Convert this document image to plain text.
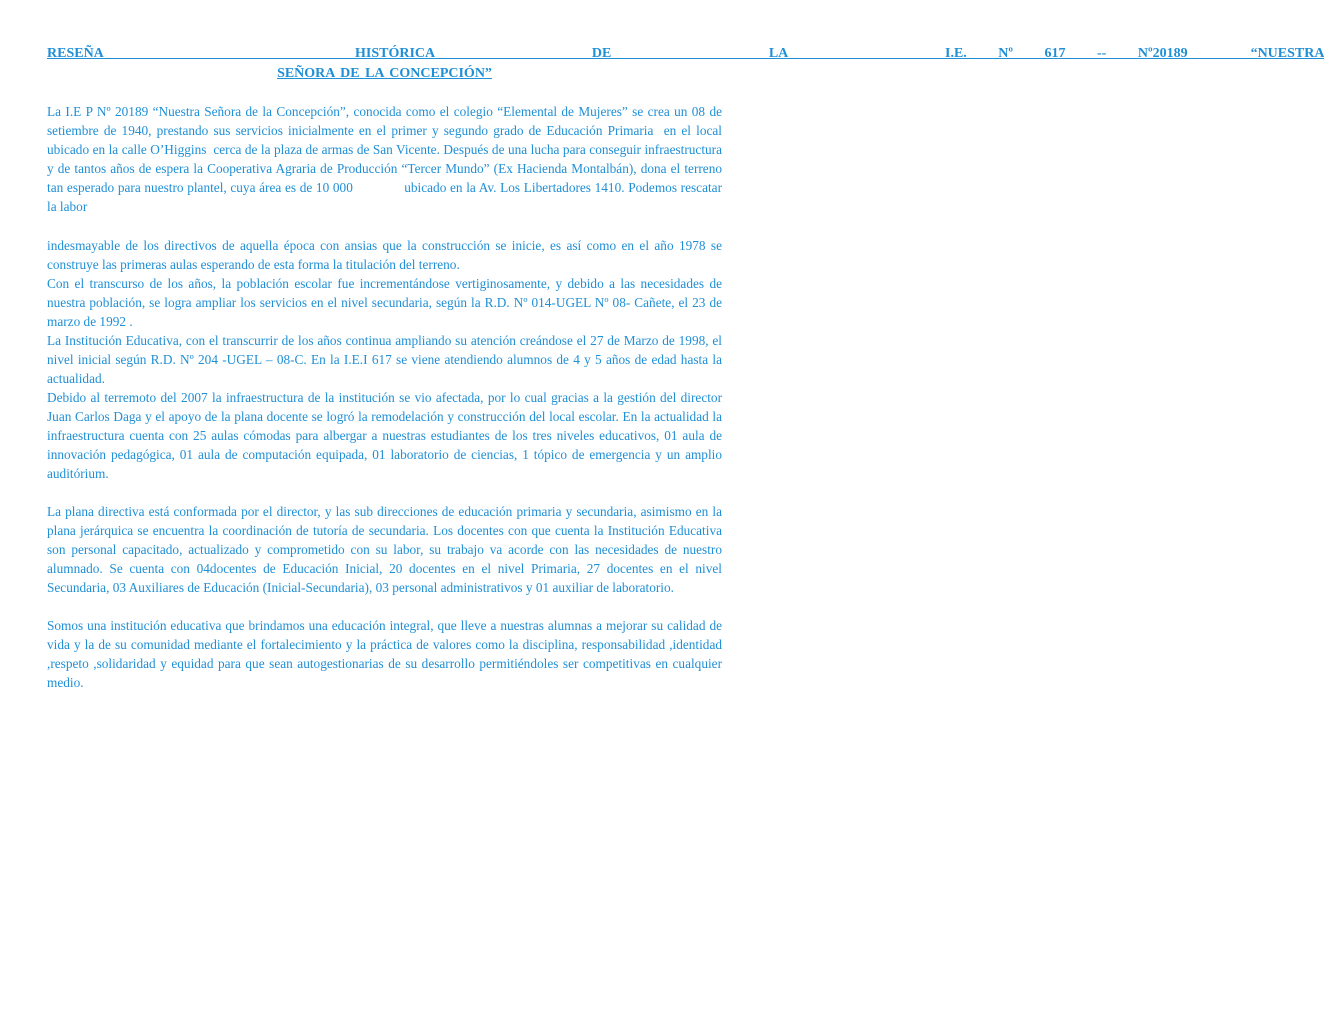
RESEÑA        HISTÓRICA     DE     LA     I.E. Nº 617 -- Nº20189  “NUESTRA
SEÑORA DE LA CONCEPCIÓN”

La I.E P Nº 20189 “Nuestra Señora de la Concepción”, conocida como el colegio “Elemental de Mujeres” se crea un 08 de setiembre de 1940, prestando sus servicios inicialmente en el primer y segundo grado de Educación Primaria  en el local ubicado en la calle O’Higgins  cerca de la plaza de armas de San Vicente. Después de una lucha para conseguir infraestructura y de tantos años de espera la Cooperativa Agraria de Producción “Tercer Mundo” (Ex Hacienda Montalbán), dona el terreno tan esperado para nuestro plantel, cuya área es de 10 000              ubicado en la Av. Los Libertadores 1410. Podemos rescatar la labor

indesmayable de los directivos de aquella época con ansias que la construcción se inicie, es así como en el año 1978 se construye las primeras aulas esperando de esta forma la titulación del terreno.

Con el transcurso de los años, la población escolar fue incrementándose vertiginosamente, y debido a las necesidades de nuestra población, se logra ampliar los servicios en el nivel secundaria, según la R.D. Nº 014-UGEL Nº 08- Cañete, el 23 de marzo de 1992 .

La Institución Educativa, con el transcurrir de los años continua ampliando su atención creándose el 27 de Marzo de 1998, el nivel inicial según R.D. Nº 204 -UGEL – 08-C. En la I.E.I 617 se viene atendiendo alumnos de 4 y 5 años de edad hasta la actualidad.

Debido al terremoto del 2007 la infraestructura de la institución se vio afectada, por lo cual gracias a la gestión del director Juan Carlos Daga y el apoyo de la plana docente se logró la remodelación y construcción del local escolar. En la actualidad la infraestructura cuenta con 25 aulas cómodas para albergar a nuestras estudiantes de los tres niveles educativos, 01 aula de innovación pedagógica, 01 aula de computación equipada, 01 laboratorio de ciencias, 1 tópico de emergencia y un amplio auditórium.

La plana directiva está conformada por el director, y las sub direcciones de educación primaria y secundaria, asimismo en la plana jerárquica se encuentra la coordinación de tutoría de secundaria. Los docentes con que cuenta la Institución Educativa son personal capacitado, actualizado y comprometido con su labor, su trabajo va acorde con las necesidades de nuestro alumnado. Se cuenta con 04docentes de Educación Inicial, 20 docentes en el nivel Primaria, 27 docentes en el nivel Secundaria, 03 Auxiliares de Educación (Inicial-Secundaria), 03 personal administrativos y 01 auxiliar de laboratorio.

Somos una institución educativa que brindamos una educación integral, que lleve a nuestras alumnas a mejorar su calidad de vida y la de su comunidad mediante el fortalecimiento y la práctica de valores como la disciplina, responsabilidad ,identidad ,respeto ,solidaridad y equidad para que sean autogestionarias de su desarrollo permitiéndoles ser competitivas en cualquier medio.
